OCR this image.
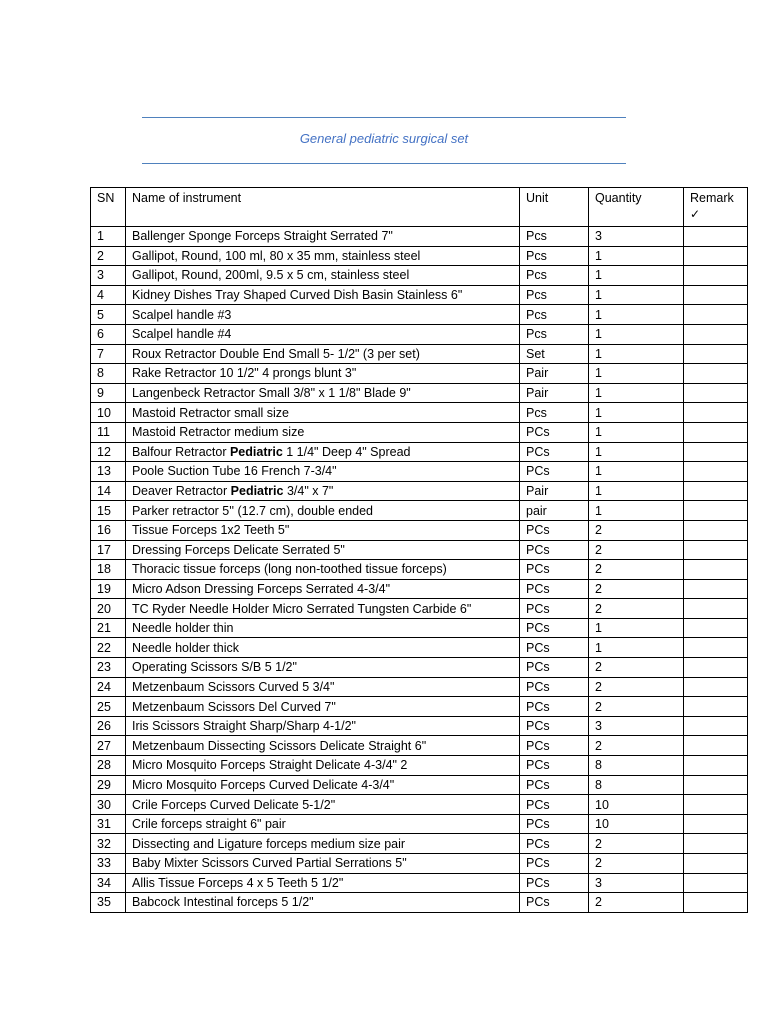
General pediatric surgical set
SN	Name of instrument	Unit	Quantity	Remark
✓

1	Ballenger Sponge Forceps Straight Serrated 7"	Pcs	3	
2	Gallipot, Round, 100 ml, 80 x 35 mm, stainless steel	Pcs	1	
3	Gallipot, Round, 200ml, 9.5 x 5 cm, stainless steel	Pcs	1	
4	Kidney Dishes Tray Shaped Curved Dish Basin Stainless 6"	Pcs	1	
5	Scalpel handle #3	Pcs	1	
6	Scalpel handle #4	Pcs	1	
7	Roux Retractor Double End Small 5- 1/2" (3 per set)	Set	1	
8	Rake Retractor 10 1/2" 4 prongs blunt 3"	Pair	1	
9	Langenbeck Retractor Small 3/8" x 1 1/8" Blade 9"	Pair	1	
10	Mastoid Retractor small size	Pcs	1	
11	Mastoid Retractor medium size	PCs	1	
12	Balfour Retractor Pediatric 1 1/4" Deep 4" Spread	PCs	1	
13	Poole Suction Tube 16 French 7-3/4"	PCs	1	
14	Deaver Retractor Pediatric 3/4" x 7"	Pair	1	
15	Parker retractor 5'' (12.7 cm), double ended	pair	1	
16	Tissue Forceps 1x2 Teeth 5"	PCs	2	
17	Dressing Forceps Delicate Serrated 5"	PCs	2	
18	Thoracic tissue forceps (long non-toothed tissue forceps)	PCs	2	
19	Micro Adson Dressing Forceps Serrated 4-3/4"	PCs	2	
20	TC Ryder Needle Holder Micro Serrated Tungsten Carbide 6"	PCs	2	
21	Needle holder thin	PCs	1	
22	Needle holder thick	PCs	1	
23	Operating Scissors S/B 5 1/2"	PCs	2	
24	Metzenbaum Scissors Curved 5 3/4"	PCs	2	
25	Metzenbaum Scissors Del Curved 7"	PCs	2	
26	Iris Scissors Straight Sharp/Sharp 4-1/2"	PCs	3	
27	Metzenbaum Dissecting Scissors Delicate Straight 6"	PCs	2	
28	Micro Mosquito Forceps Straight Delicate 4-3/4" 2	PCs	8	
29	Micro Mosquito Forceps Curved Delicate 4-3/4"	PCs	8	
30	Crile Forceps Curved Delicate 5-1/2"	PCs	10	
31	Crile forceps straight 6" pair	PCs	10	
32	Dissecting and Ligature forceps medium size pair	PCs	2	
33	Baby Mixter Scissors Curved Partial Serrations 5"	PCs	2	
34	Allis Tissue Forceps 4 x 5 Teeth 5 1/2"	PCs	3	
35	Babcock Intestinal forceps 5 1/2"	PCs	2	
